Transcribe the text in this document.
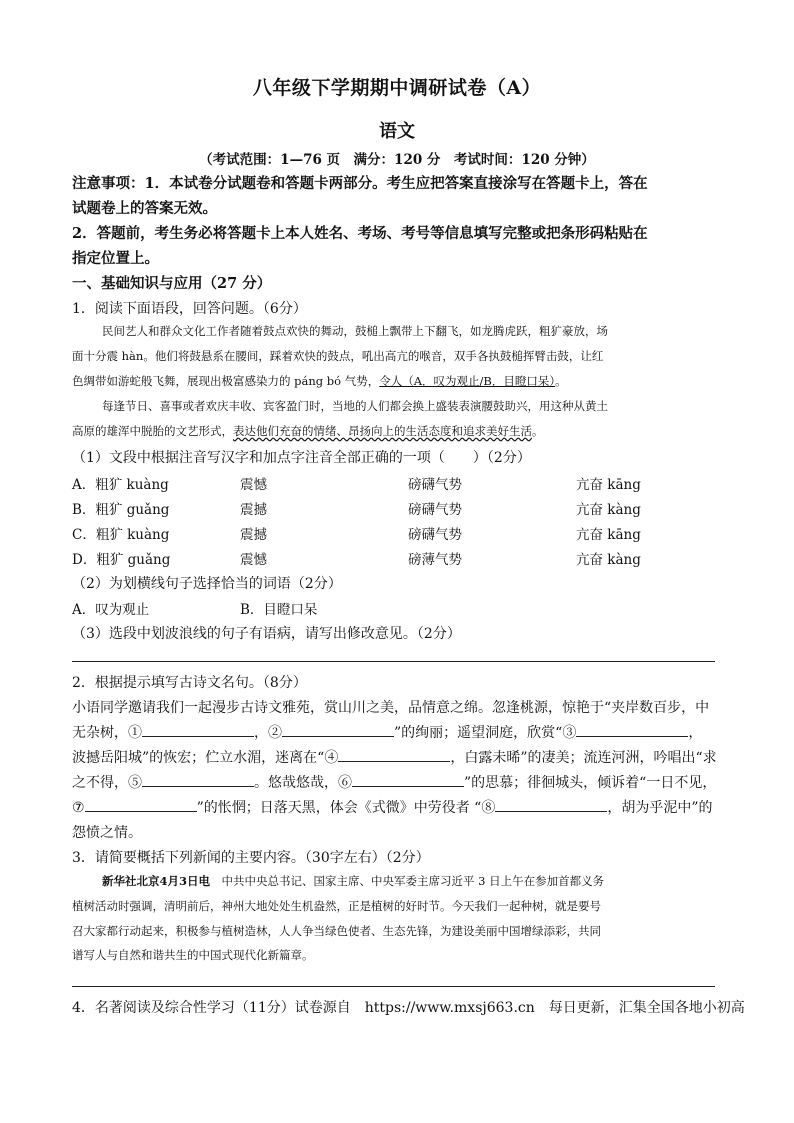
八年级下学期期中调研试卷（A）
语文
（考试范围：1—76 页　满分：120 分　考试时间：120 分钟）
注意事项：1．本试卷分试题卷和答题卡两部分。考生应把答案直接涂写在答题卡上，答在
试题卷上的答案无效。
2．答题前，考生务必将答题卡上本人姓名、考场、考号等信息填写完整或把条形码粘贴在
指定位置上。
一、基础知识与应用（27 分）
1．阅读下面语段，回答问题。（6分）
民间艺人和群众文化工作者随着鼓点欢快的舞动，鼓槌上飘带上下翻飞，如龙腾虎跃，粗犷豪放，场
面十分震 hàn。他们将鼓悬系在腰间，踩着欢快的鼓点，吼出高亢的喉音，双手各执鼓槌挥臂击鼓，让红
色绸带如游蛇般飞舞，展现出极富感染力的 páng bó 气势，令人（A．叹为观止/B．目瞪口呆）。
每逢节日、喜事或者欢庆丰收、宾客盈门时，当地的人们都会换上盛装表演腰鼓助兴，用这种从黄土
高原的雄浑中脱胎的文艺形式，表达他们充奋的情绪、昂扬向上的生活态度和追求美好生活。
（1）文段中根据注音写汉字和加点字注音全部正确的一项（　　）（2分）
A．粗犷 kuàng	震憾	磅礴气势	亢奋 kāng
B．粗犷 guǎng	震撼	磅礴气势	亢奋 kàng
C．粗犷 kuàng	震撼	磅礴气势	亢奋 kāng
D．粗犷 guǎng	震憾	磅薄气势	亢奋 kàng
（2）为划横线句子选择恰当的词语（2分）
A．叹为观止	B．目瞪口呆
（3）选段中划波浪线的句子有语病，请写出修改意见。（2分）
2．根据提示填写古诗文名句。（8分）
小语同学邀请我们一起漫步古诗文雅苑，赏山川之美，品情意之绵。忽逢桃源，惊艳于“夹岸数百步，中
无杂树，①	，②	”的绚丽；遥望洞庭，欣赏“③	，
波撼岳阳城”的恢宏；伫立水湄，迷离在“④	，白露未晞”的凄美；流连河洲，吟唱出“求
之不得，⑤	。悠哉悠哉，⑥	”的思慕；徘徊城头，倾诉着“一日不见，
⑦	”的怅惘；日落天黑，体会《式微》中劳役者 “⑧	，胡为乎泥中”的
怨愤之情。
3．请简要概括下列新闻的主要内容。（30字左右）（2分）
新华社北京4月3日电　中共中央总书记、国家主席、中央军委主席习近平 3 日上午在参加首都义务
植树活动时强调，清明前后，神州大地处处生机盎然，正是植树的好时节。今天我们一起种树，就是要号
召大家都行动起来，积极参与植树造林，人人争当绿色使者、生态先锋，为建设美丽中国增绿添彩，共同
谱写人与自然和谐共生的中国式现代化新篇章。
4．名著阅读及综合性学习（11分）试卷源自　https://www.mxsj663.cn　每日更新，汇集全国各地小初高
